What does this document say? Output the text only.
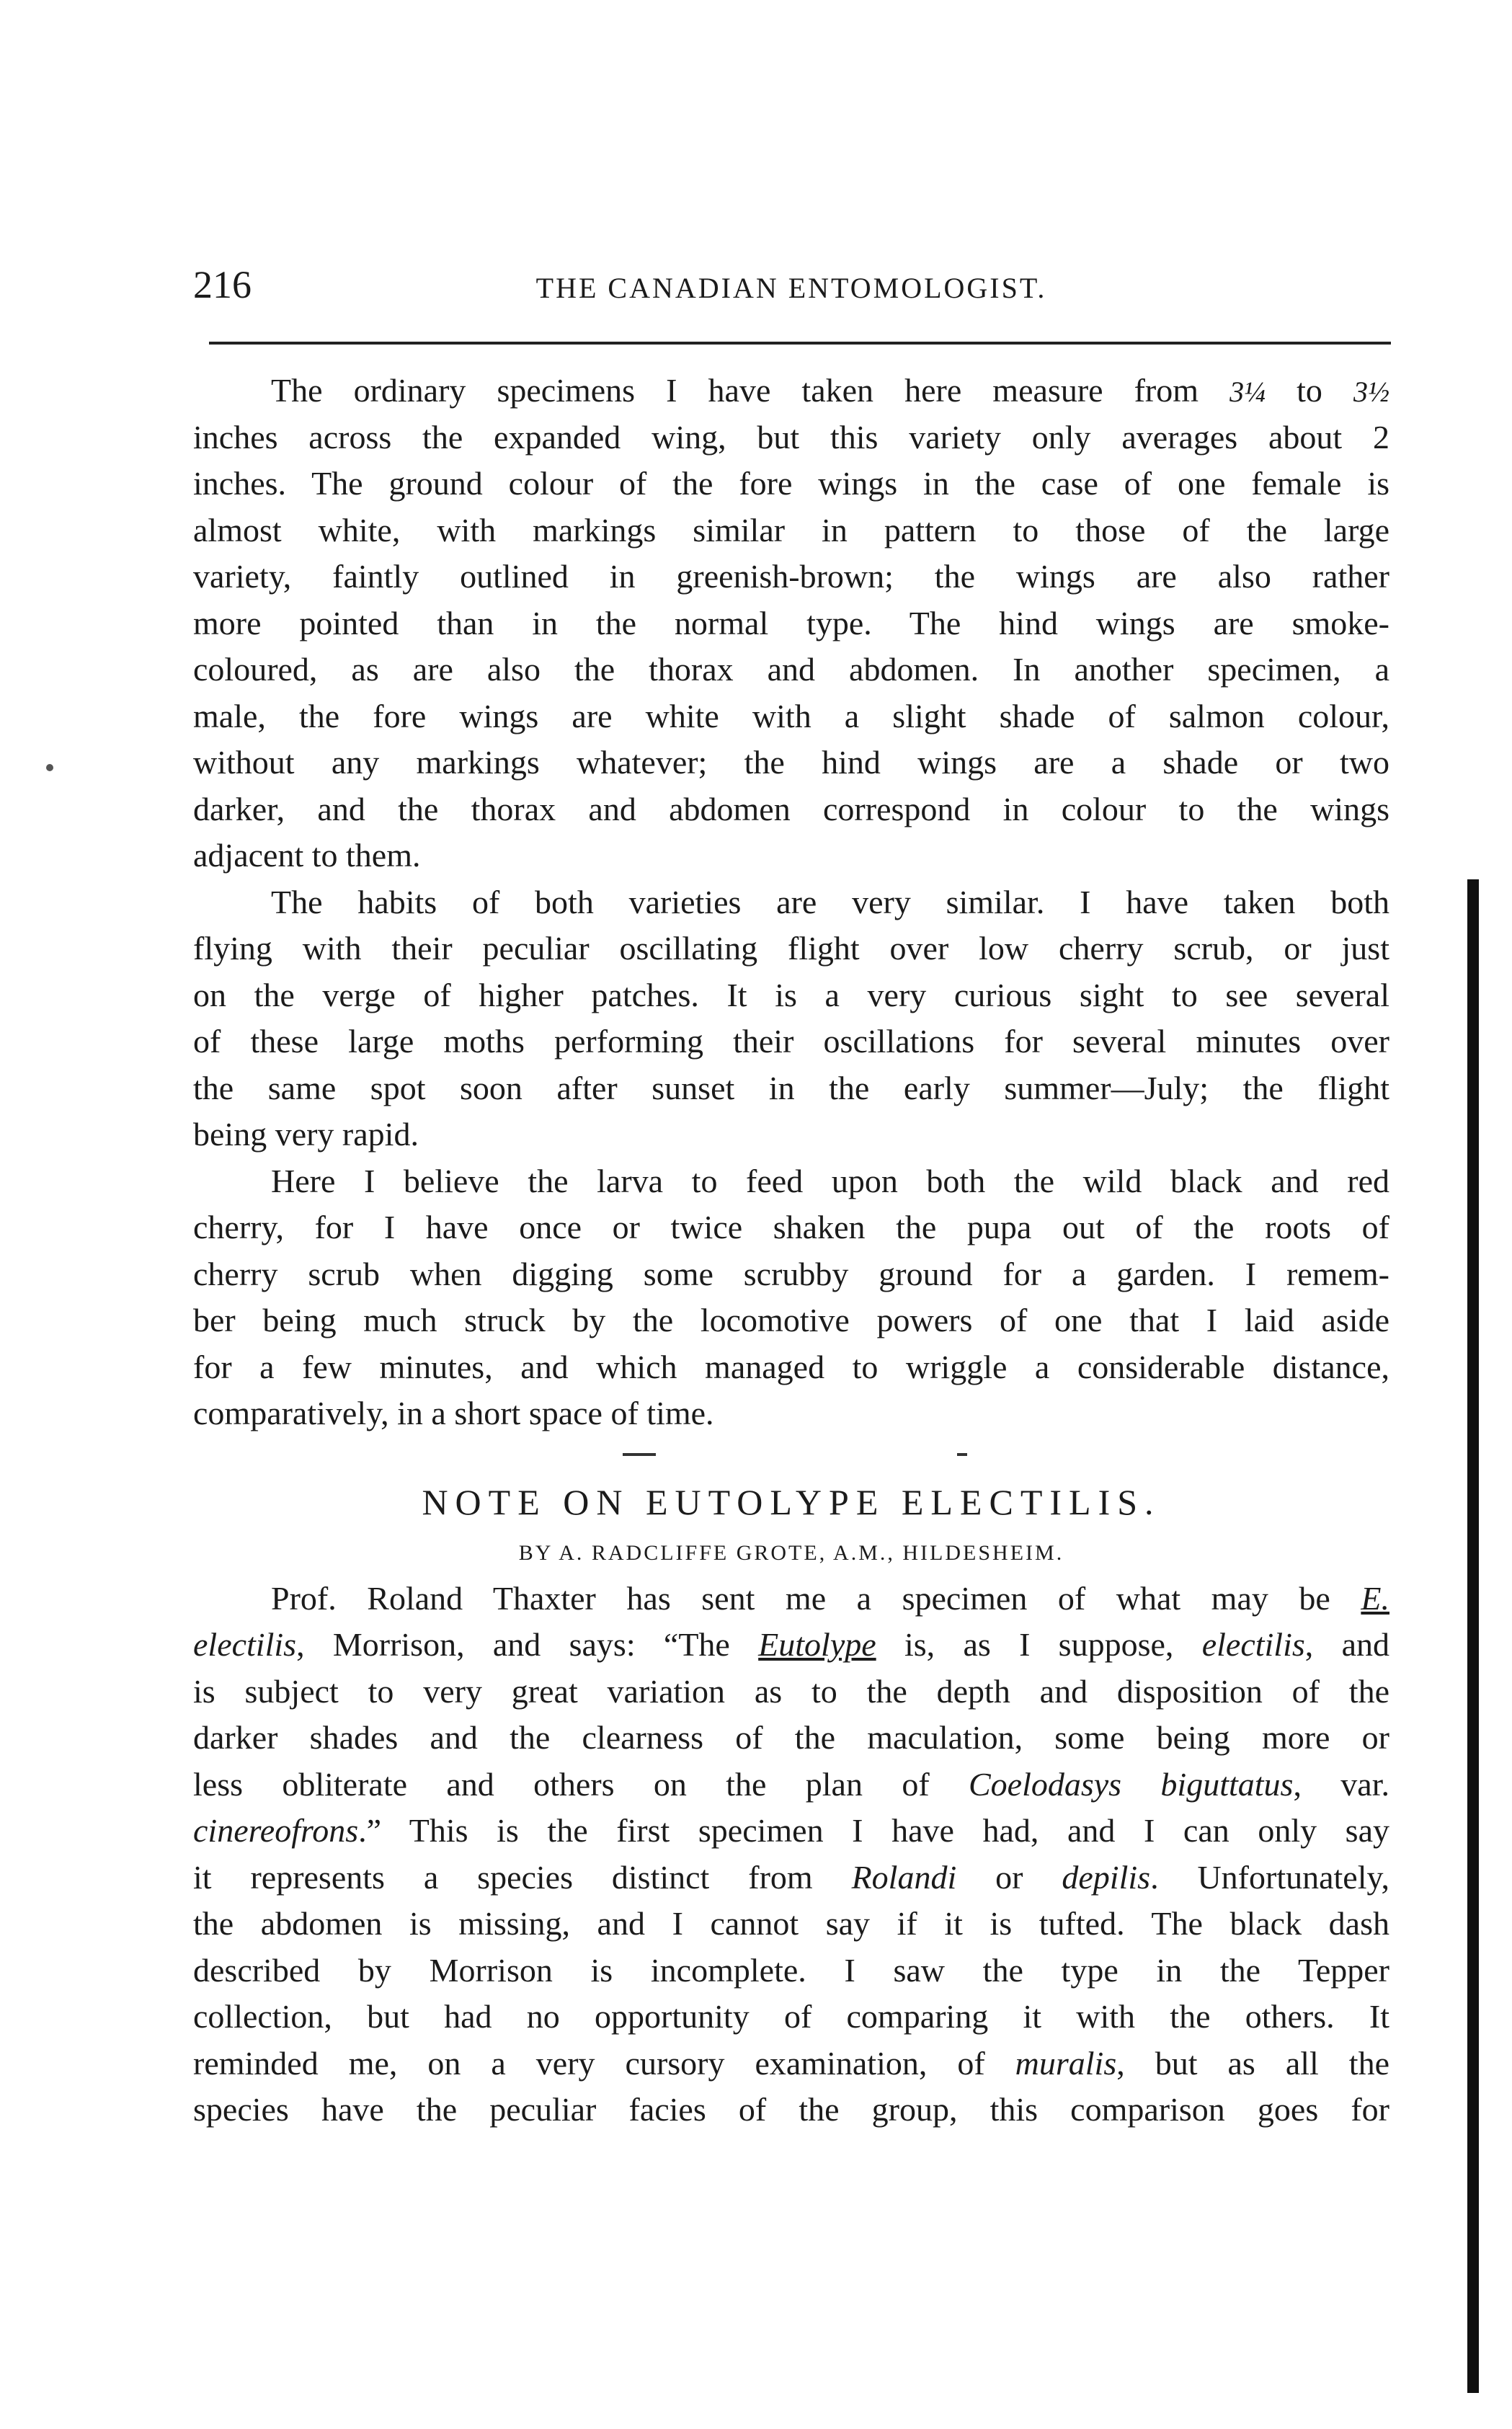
216	THE CANADIAN ENTOMOLOGIST.
The ordinary specimens I have taken here measure from 3¼ to 3½
inches across the expanded wing, but this variety only averages about 2
inches. The ground colour of the fore wings in the case of one female is
almost white, with markings similar in pattern to those of the large
variety, faintly outlined in greenish-brown; the wings are also rather
more pointed than in the normal type. The hind wings are smoke-
coloured, as are also the thorax and abdomen. In another specimen, a
male, the fore wings are white with a slight shade of salmon colour,
without any markings whatever; the hind wings are a shade or two
darker, and the thorax and abdomen correspond in colour to the wings
adjacent to them.
The habits of both varieties are very similar. I have taken both
flying with their peculiar oscillating flight over low cherry scrub, or just
on the verge of higher patches. It is a very curious sight to see several
of these large moths performing their oscillations for several minutes over
the same spot soon after sunset in the early summer—July; the flight
being very rapid.
Here I believe the larva to feed upon both the wild black and red
cherry, for I have once or twice shaken the pupa out of the roots of
cherry scrub when digging some scrubby ground for a garden. I remem-
ber being much struck by the locomotive powers of one that I laid aside
for a few minutes, and which managed to wriggle a considerable distance,
comparatively, in a short space of time.
NOTE ON EUTOLYPE ELECTILIS.
BY A. RADCLIFFE GROTE, A.M., HILDESHEIM.
Prof. Roland Thaxter has sent me a specimen of what may be E.
electilis, Morrison, and says: “The Eutolype is, as I suppose, electilis, and
is subject to very great variation as to the depth and disposition of the
darker shades and the clearness of the maculation, some being more or
less obliterate and others on the plan of Coelodasys biguttatus, var.
cinereofrons.” This is the first specimen I have had, and I can only say
it represents a species distinct from Rolandi or depilis. Unfortunately,
the abdomen is missing, and I cannot say if it is tufted. The black dash
described by Morrison is incomplete. I saw the type in the Tepper
collection, but had no opportunity of comparing it with the others. It
reminded me, on a very cursory examination, of muralis, but as all the
species have the peculiar facies of the group, this comparison goes for
